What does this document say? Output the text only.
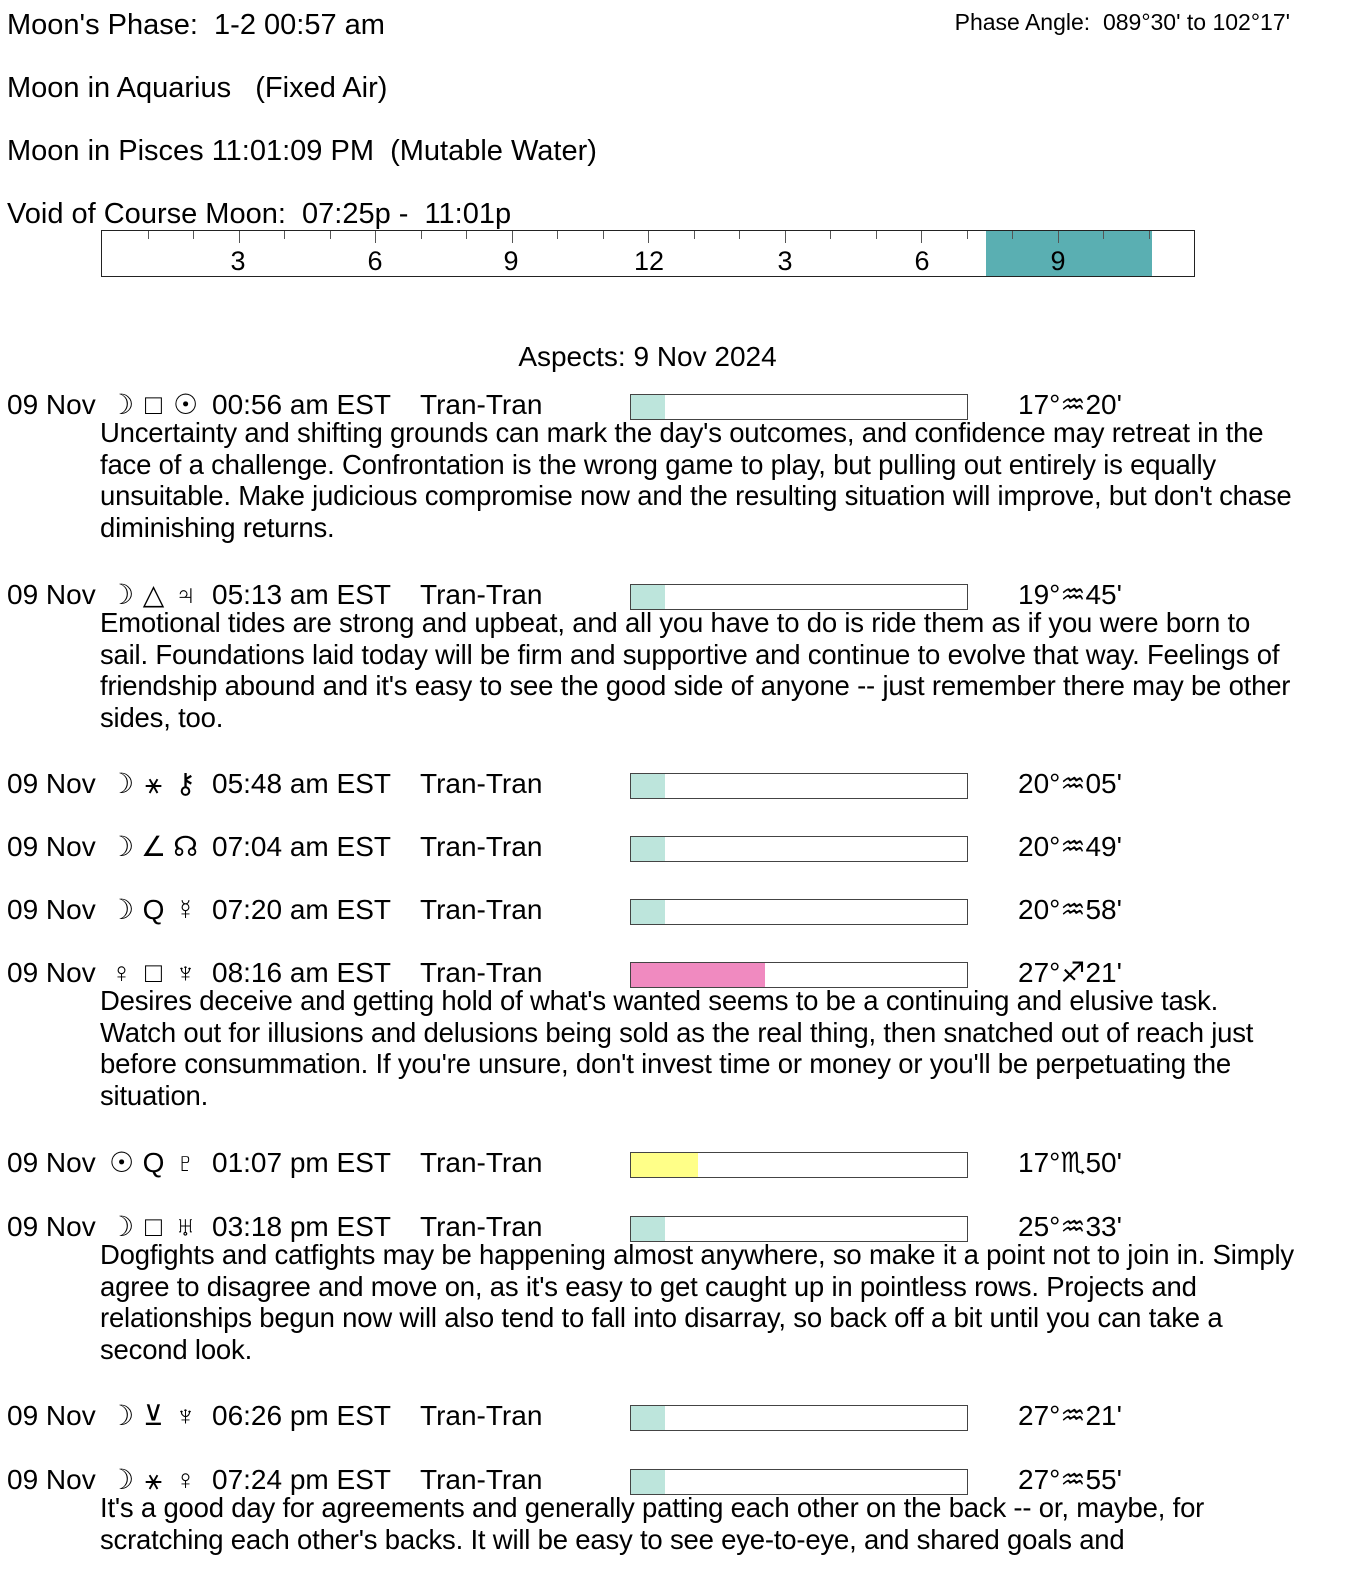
Moon's Phase:  1-2 00:57 am	Phase Angle:  089°30' to 102°17'
Moon in Aquarius   (Fixed Air)
Moon in Pisces 11:01:09 PM  (Mutable Water)
Void of Course Moon:  07:25p -  11:01p
3	6	9	12	3	6	9
Aspects: 9 Nov 2024
09 Nov ☽ □ ☉ 00:56 am EST Tran-Tran	17°♒20'
Uncertainty and shifting grounds can mark the day's outcomes, and confidence may retreat in the face of a challenge. Confrontation is the wrong game to play, but pulling out entirely is equally unsuitable. Make judicious compromise now and the resulting situation will improve, but don't chase diminishing returns.
09 Nov ☽ △ ♃ 05:13 am EST Tran-Tran	19°♒45'
Emotional tides are strong and upbeat, and all you have to do is ride them as if you were born to sail. Foundations laid today will be firm and supportive and continue to evolve that way. Feelings of friendship abound and it's easy to see the good side of anyone -- just remember there may be other sides, too.
09 Nov ☽ ⚹ ⚷ 05:48 am EST Tran-Tran	20°♒05'
09 Nov ☽ ∠ ☊ 07:04 am EST Tran-Tran	20°♒49'
09 Nov ☽ Q ☿ 07:20 am EST Tran-Tran	20°♒58'
09 Nov ♀ □ ♆ 08:16 am EST Tran-Tran	27°♐21'
Desires deceive and getting hold of what's wanted seems to be a continuing and elusive task. Watch out for illusions and delusions being sold as the real thing, then snatched out of reach just before consummation. If you're unsure, don't invest time or money or you'll be perpetuating the situation.
09 Nov ☉ Q ♇ 01:07 pm EST Tran-Tran	17°♏50'
09 Nov ☽ □ ♅ 03:18 pm EST Tran-Tran	25°♒33'
Dogfights and catfights may be happening almost anywhere, so make it a point not to join in. Simply agree to disagree and move on, as it's easy to get caught up in pointless rows. Projects and relationships begun now will also tend to fall into disarray, so back off a bit until you can take a second look.
09 Nov ☽ ⊻ ♆ 06:26 pm EST Tran-Tran	27°♒21'
09 Nov ☽ ⚹ ♀ 07:24 pm EST Tran-Tran	27°♒55'
It's a good day for agreements and generally patting each other on the back -- or, maybe, for scratching each other's backs. It will be easy to see eye-to-eye, and shared goals and
